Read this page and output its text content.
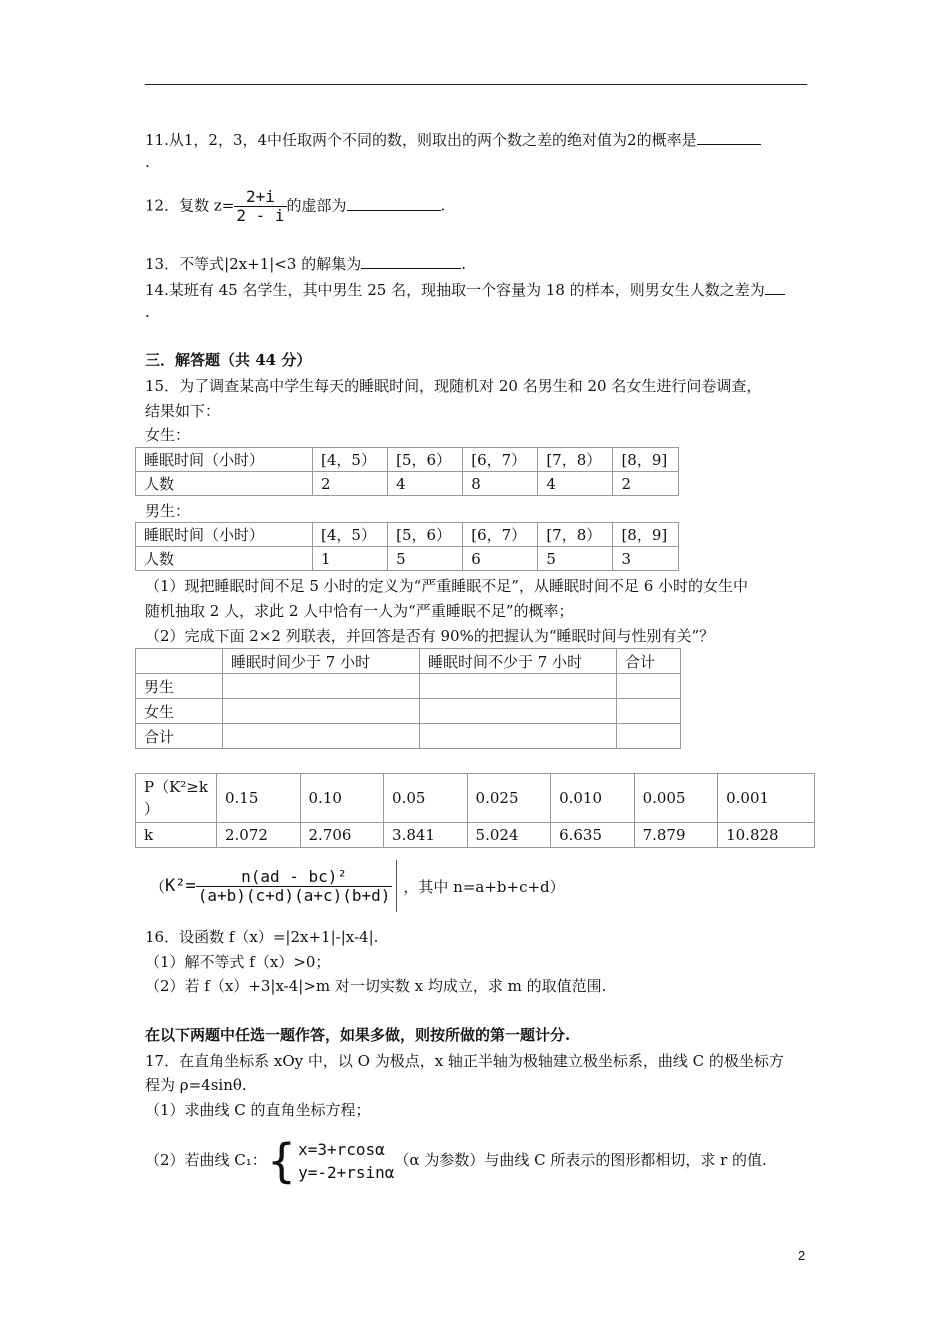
11.从1，2，3，4中任取两个不同的数，则取出的两个数之差的绝对值为2的概率是
.
12．复数 $z= \frac{2+i}{2 - i}$ 的虚部为	.
13．不等式|2x+1|<3 的解集为	.
14.某班有 45 名学生，其中男生 25 名，现抽取一个容量为 18 的样本，则男女生人数之差为
.
三．解答题（共 44 分）
15．为了调查某高中学生每天的睡眠时间，现随机对 20 名男生和 20 名女生进行问卷调查，
结果如下：
女生：
睡眠时间（小时）	[4，5）	[5，6）	[6，7）	[7，8）	[8，9]
人数	2	4	8	4	2
男生：
睡眠时间（小时）	[4，5）	[5，6）	[6，7）	[7，8）	[8，9]
人数	1	5	6	5	3
（1）现把睡眠时间不足 5 小时的定义为“严重睡眠不足”，从睡眠时间不足 6 小时的女生中
随机抽取 2 人，求此 2 人中恰有一人为“严重睡眠不足”的概率；
（2）完成下面 2×2 列联表，并回答是否有 90%的把握认为“睡眠时间与性别有关”？
	睡眠时间少于 7 小时	睡眠时间不少于 7 小时	合计
男生			
女生			
合计			
P（K²≥k
）	0.15	0.10	0.05	0.025	0.010	0.005	0.001
k	2.072	2.706	3.841	5.024	6.635	7.879	10.828
（ $K^2= \frac{\text{n(ad - bc)²}}{(a+b)(c+d)(a+c)(b+d)}$ ，其中 n=a+b+c+d）
16．设函数 f（x）=|2x+1|-|x-4|.
（1）解不等式 f（x）>0；
（2）若 f（x）+3|x-4|>m 对一切实数 x 均成立，求 m 的取值范围.
在以下两题中任选一题作答，如果多做，则按所做的第一题计分.
17．在直角坐标系 xOy 中，以 O 为极点，x 轴正半轴为极轴建立极坐标系，曲线 C 的极坐标方
程为 ρ=4sinθ.
（1）求曲线 C 的直角坐标方程；
（2）若曲线 C₁： { x=3+rcosα
y=-2+rsinα
（α 为参数）与曲线 C 所表示的图形都相切，求 r 的值.
2
